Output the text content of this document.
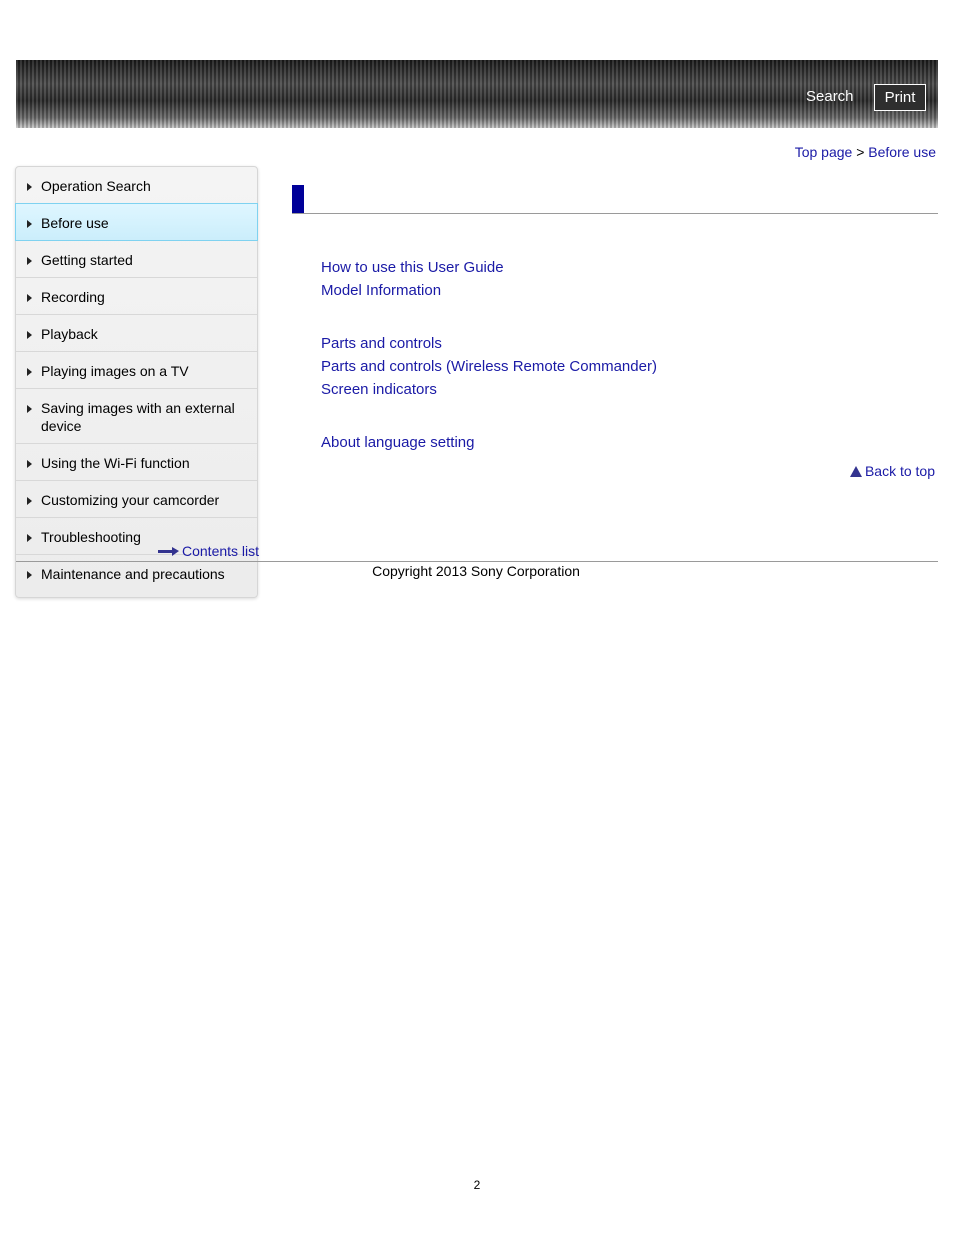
Search	Print
Top page > Before use
Operation Search
Before use
Getting started
Recording
Playback
Playing images on a TV
Saving images with an external device
Using the Wi-Fi function
Customizing your camcorder
Troubleshooting
Maintenance and precautions
Contents list
How to use this User Guide
Model Information
Parts and controls
Parts and controls (Wireless Remote Commander)
Screen indicators
About language setting
Back to top
Copyright 2013 Sony Corporation
2
